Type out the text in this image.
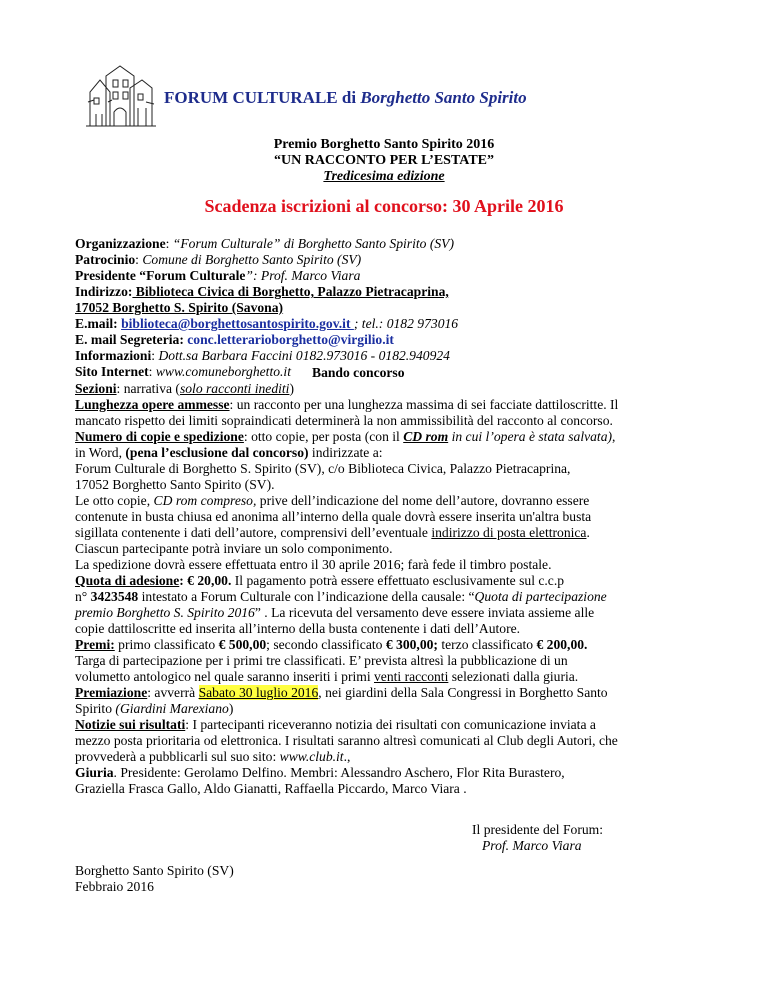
FORUM CULTURALE di Borghetto Santo Spirito
Premio Borghetto Santo Spirito 2016
“UN RACCONTO PER L’ESTATE”
Tredicesima edizione
Scadenza iscrizioni al concorso: 30 Aprile 2016
Organizzazione: “Forum Culturale” di Borghetto Santo Spirito (SV)
Patrocinio: Comune di Borghetto Santo Spirito (SV)
Presidente “Forum Culturale”: Prof. Marco Viara
Indirizzo: Biblioteca Civica di Borghetto, Palazzo Pietracaprina,
17052 Borghetto S. Spirito (Savona)
E.mail: biblioteca@borghettosantospirito.gov.it ; tel.: 0182 973016
E. mail Segreteria: conc.letterarioborghetto@virgilio.it
Informazioni: Dott.sa Barbara Faccini 0182.973016 - 0182.940924
Sito Internet: www.comuneborghetto.it Bando concorso
Sezioni: narrativa (solo racconti inediti)
Lunghezza opere ammesse: un racconto per una lunghezza massima di sei facciate dattiloscritte. Il
mancato rispetto dei limiti sopraindicati determinerà la non ammissibilità del racconto al concorso.
Numero di copie e spedizione: otto copie, per posta (con il CD rom in cui l’opera è stata salvata),
in Word, (pena l’esclusione dal concorso) indirizzate a:
Forum Culturale di Borghetto S. Spirito (SV), c/o Biblioteca Civica, Palazzo Pietracaprina,
17052 Borghetto Santo Spirito (SV).
Le otto copie, CD rom compreso, prive dell’indicazione del nome dell’autore, dovranno essere
contenute in busta chiusa ed anonima all’interno della quale dovrà essere inserita un'altra busta
sigillata contenente i dati dell’autore, comprensivi dell’eventuale indirizzo di posta elettronica.
Ciascun partecipante potrà inviare un solo componimento.
La spedizione dovrà essere effettuata entro il 30 aprile 2016; farà fede il timbro postale.
Quota di adesione: € 20,00. Il pagamento potrà essere effettuato esclusivamente sul c.c.p
n° 3423548 intestato a Forum Culturale con l’indicazione della causale: “Quota di partecipazione
premio Borghetto S. Spirito 2016” . La ricevuta del versamento deve essere inviata assieme alle
copie dattiloscritte ed inserita all’interno della busta contenente i dati dell’Autore.
Premi: primo classificato € 500,00; secondo classificato € 300,00; terzo classificato € 200,00.
Targa di partecipazione per i primi tre classificati. E’ prevista altresì la pubblicazione di un
volumetto antologico nel quale saranno inseriti i primi venti racconti selezionati dalla giuria.
Premiazione: avverrà Sabato 30 luglio 2016, nei giardini della Sala Congressi in Borghetto Santo
Spirito (Giardini Marexiano)
Notizie sui risultati: I partecipanti riceveranno notizia dei risultati con comunicazione inviata a
mezzo posta prioritaria od elettronica. I risultati saranno altresì comunicati al Club degli Autori, che
provvederà a pubblicarli sul suo sito: www.club.it.,
Giuria. Presidente: Gerolamo Delfino. Membri: Alessandro Aschero, Flor Rita Burastero,
Graziella Frasca Gallo, Aldo Gianatti, Raffaella Piccardo, Marco Viara .
Il presidente del Forum:
Prof. Marco Viara
Borghetto Santo Spirito (SV)
Febbraio 2016
